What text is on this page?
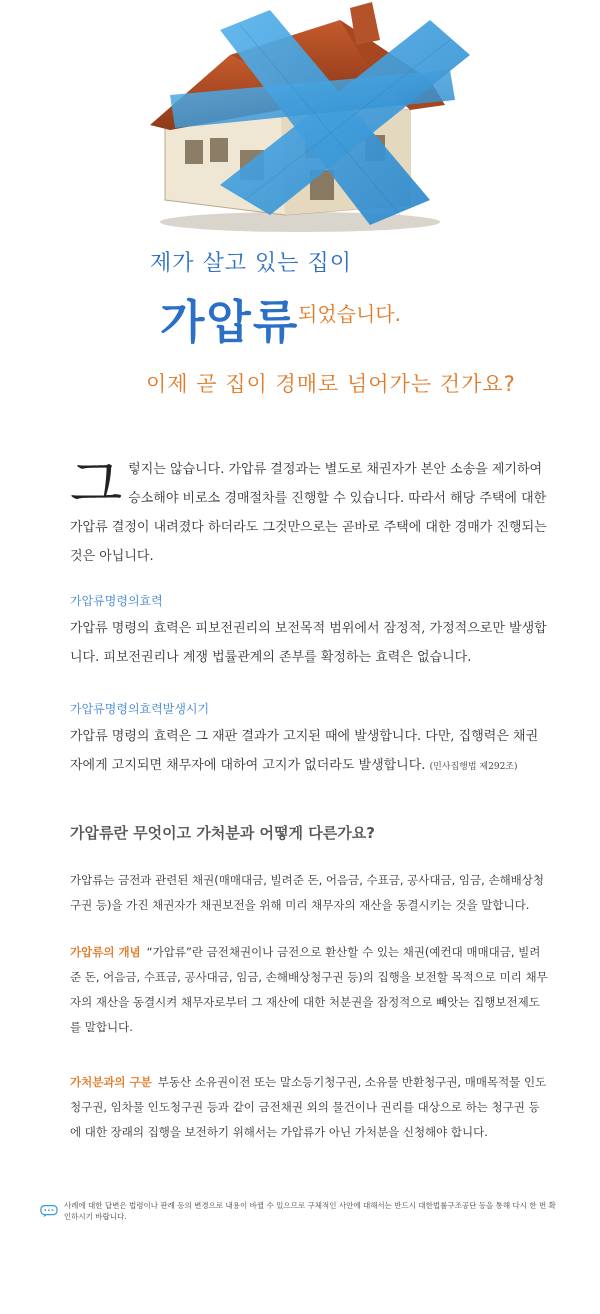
제가 살고 있는 집이
가압류
되었습니다.
이제 곧 집이 경매로 넘어가는 건가요?
그 렇지는 않습니다. 가압류 결정과는 별도로 채권자가 본안 소송을 제기하여 승소해야 비로소 경매절차를 진행할 수 있습니다. 따라서 해당 주택에 대한 가압류 결정이 내려졌다 하더라도 그것만으로는 곧바로 주택에 대한 경매가 진행되는 것은 아닙니다.
가압류명령의효력
가압류 명령의 효력은 피보전권리의 보전목적 범위에서 잠정적, 가정적으로만 발생합니다. 피보전권리나 계쟁 법률관계의 존부를 확정하는 효력은 없습니다.
가압류명령의효력발생시기
가압류 명령의 효력은 그 재판 결과가 고지된 때에 발생합니다. 다만, 집행력은 채권자에게 고지되면 채무자에 대하여 고지가 없더라도 발생합니다. (민사집행법 제292조)
가압류란 무엇이고 가처분과 어떻게 다른가요?
가압류는 금전과 관련된 채권(매매대금, 빌려준 돈, 어음금, 수표금, 공사대금, 임금, 손해배상청구권 등)을 가진 채권자가 채권보전을 위해 미리 채무자의 재산을 동결시키는 것을 말합니다.
가압류의 개념 “가압류”란 금전채권이나 금전으로 환산할 수 있는 채권(예컨대 매매대금, 빌려준 돈, 어음금, 수표금, 공사대금, 임금, 손해배상청구권 등)의 집행을 보전할 목적으로 미리 채무자의 재산을 동결시켜 채무자로부터 그 재산에 대한 처분권을 잠정적으로 빼앗는 집행보전제도를 말합니다.
가처분과의 구분 부동산 소유권이전 또는 말소등기청구권, 소유물 반환청구권, 매매목적물 인도청구권, 임차물 인도청구권 등과 같이 금전채권 외의 물건이나 권리를 대상으로 하는 청구권 등에 대한 장래의 집행을 보전하기 위해서는 가압류가 아닌 가처분을 신청해야 합니다.
사례에 대한 답변은 법령이나 판례 등의 변경으로 내용이 바뀔 수 있으므로 구체적인 사안에 대해서는 반드시 대한법률구조공단 등을 통해 다시 한 번 확인하시기 바랍니다.
